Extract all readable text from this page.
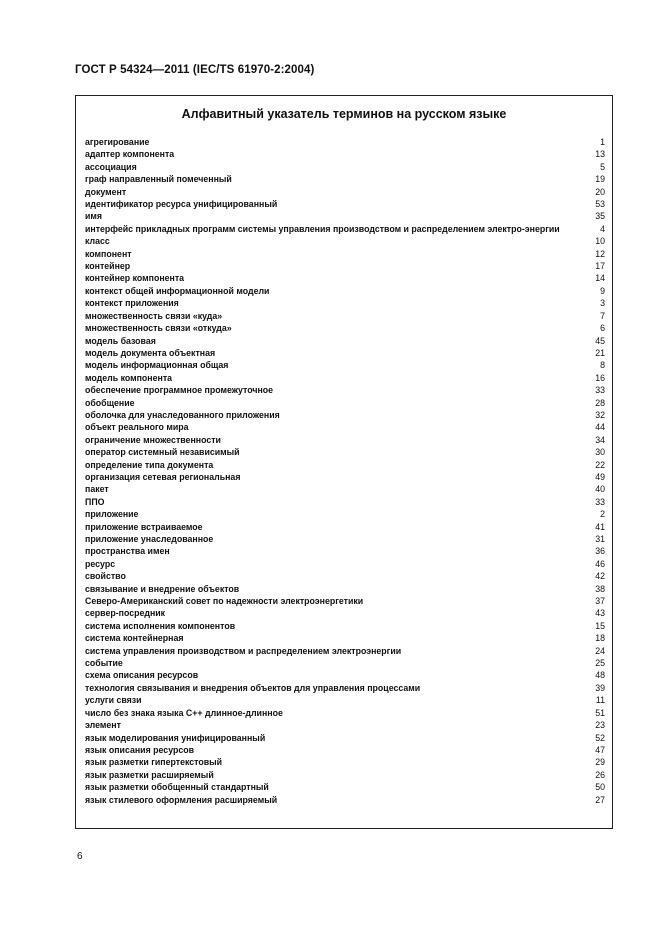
ГОСТ Р 54324—2011 (IEC/TS 61970-2:2004)
Алфавитный указатель терминов на русском языке
агрегирование	1
адаптер компонента	13
ассоциация	5
граф направленный помеченный	19
документ	20
идентификатор ресурса унифицированный	53
имя	35
интерфейс прикладных программ системы управления производством и распределением электро-энергии	4
класс	10
компонент	12
контейнер	17
контейнер компонента	14
контекст общей информационной модели	9
контекст приложения	3
множественность связи «куда»	7
множественность связи «откуда»	6
модель базовая	45
модель документа объектная	21
модель информационная общая	8
модель компонента	16
обеспечение программное промежуточное	33
обобщение	28
оболочка для унаследованного приложения	32
объект реального мира	44
ограничение множественности	34
оператор системный независимый	30
определение типа документа	22
организация сетевая региональная	49
пакет	40
ППО	33
приложение	2
приложение встраиваемое	41
приложение унаследованное	31
пространства имен	36
ресурс	46
свойство	42
связывание и внедрение объектов	38
Северо-Американский совет по надежности электроэнергетики	37
сервер-посредник	43
система исполнения компонентов	15
система контейнерная	18
система управления производством и распределением электроэнергии	24
событие	25
схема описания ресурсов	48
технология связывания и внедрения объектов для управления процессами	39
услуги связи	11
число без знака языка С++ длинное-длинное	51
элемент	23
язык моделирования унифицированный	52
язык описания ресурсов	47
язык разметки гипертекстовый	29
язык разметки расширяемый	26
язык разметки обобщенный стандартный	50
язык стилевого оформления расширяемый	27
6
